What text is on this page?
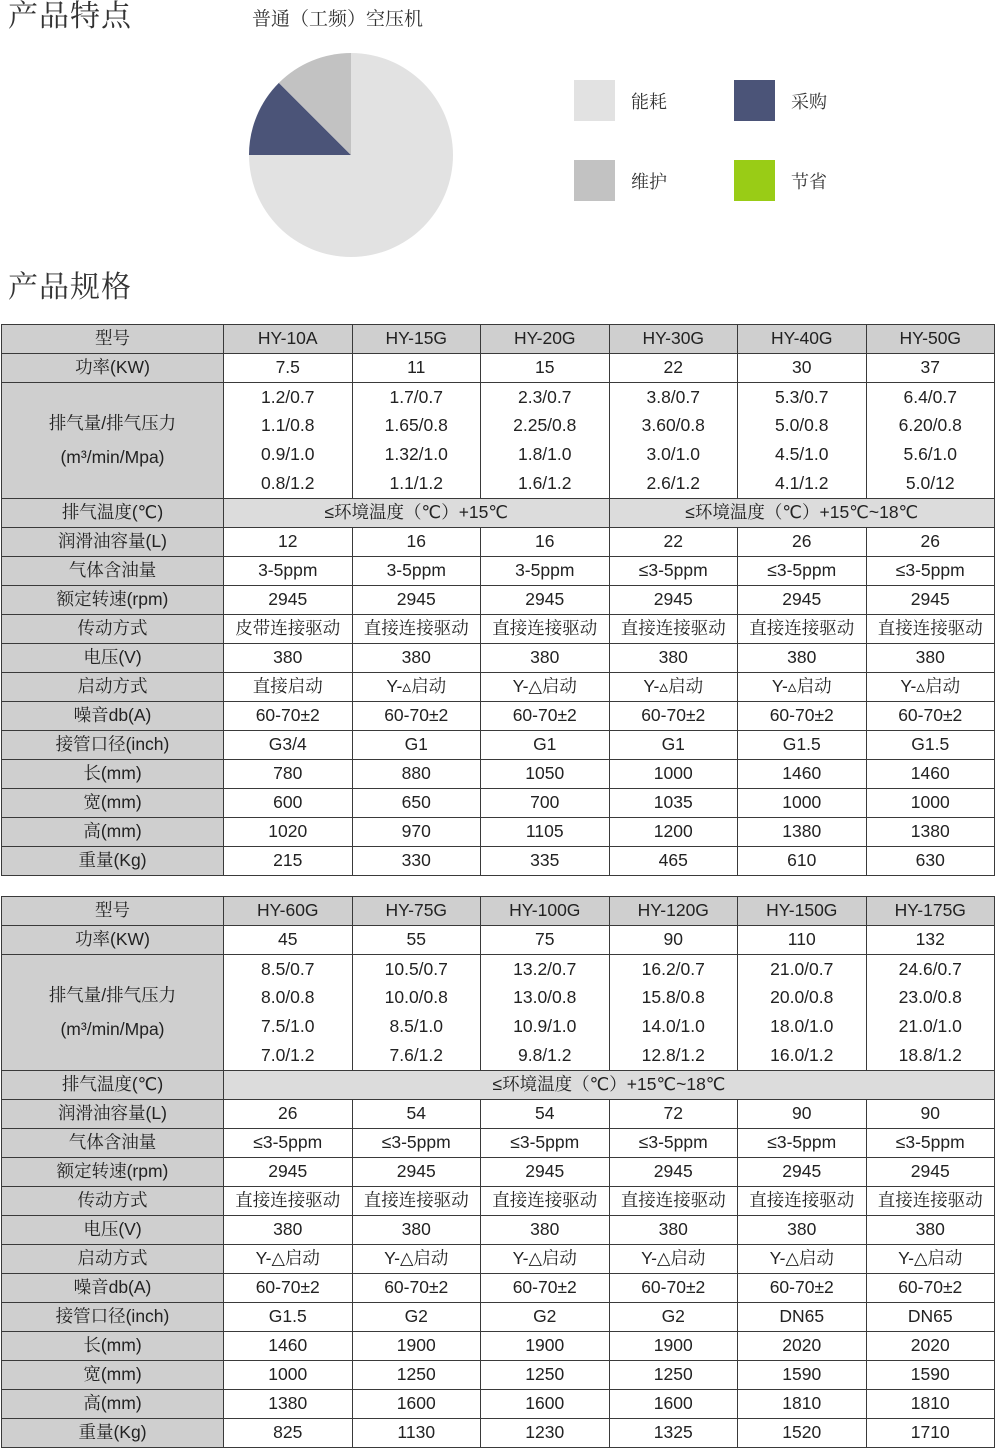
产品特点	普通（工频）空压机
能耗	采购
维护	节省
产品规格
型号	HY-10A	HY-15G	HY-20G	HY-30G	HY-40G	HY-50G
功率(KW)	7.5	11	15	22	30	37

排气量/排气压力
(m³/min/Mpa)	1.2/0.7	1.7/0.7	2.3/0.7	3.8/0.7	5.3/0.7	6.4/0.7
	1.1/0.8	1.65/0.8	2.25/0.8	3.60/0.8	5.0/0.8	6.20/0.8
	0.9/1.0	1.32/1.0	1.8/1.0	3.0/1.0	4.5/1.0	5.6/1.0
	0.8/1.2	1.1/1.2	1.6/1.2	2.6/1.2	4.1/1.2	5.0/12
排气温度(℃)	≤环境温度（℃）+15℃			≤环境温度（℃）+15℃~18℃		
润滑油容量(L)	12	16	16	22	26	26
气体含油量	3-5ppm	3-5ppm	3-5ppm	≤3-5ppm	≤3-5ppm	≤3-5ppm
额定转速(rpm)	2945	2945	2945	2945	2945	2945
传动方式	皮带连接驱动	直接连接驱动	直接连接驱动	直接连接驱动	直接连接驱动	直接连接驱动
电压(V)	380	380	380	380	380	380
启动方式	直接启动	Y-▵启动	Y-△启动	Y-▵启动	Y-▵启动	Y-▵启动
噪音db(A)	60-70±2	60-70±2	60-70±2	60-70±2	60-70±2	60-70±2
接管口径(inch)	G3/4	G1	G1	G1	G1.5	G1.5
长(mm)	780	880	1050	1000	1460	1460
宽(mm)	600	650	700	1035	1000	1000
高(mm)	1020	970	1105	1200	1380	1380
重量(Kg)	215	330	335	465	610	630
型号	HY-60G	HY-75G	HY-100G	HY-120G	HY-150G	HY-175G
功率(KW)	45	55	75	90	110	132

排气量/排气压力
(m³/min/Mpa)	8.5/0.7	10.5/0.7	13.2/0.7	16.2/0.7	21.0/0.7	24.6/0.7
	8.0/0.8	10.0/0.8	13.0/0.8	15.8/0.8	20.0/0.8	23.0/0.8
	7.5/1.0	8.5/1.0	10.9/1.0	14.0/1.0	18.0/1.0	21.0/1.0
	7.0/1.2	7.6/1.2	9.8/1.2	12.8/1.2	16.0/1.2	18.8/1.2
排气温度(℃)	≤环境温度（℃）+15℃~18℃					
润滑油容量(L)	26	54	54	72	90	90
气体含油量	≤3-5ppm	≤3-5ppm	≤3-5ppm	≤3-5ppm	≤3-5ppm	≤3-5ppm
额定转速(rpm)	2945	2945	2945	2945	2945	2945
传动方式	直接连接驱动	直接连接驱动	直接连接驱动	直接连接驱动	直接连接驱动	直接连接驱动
电压(V)	380	380	380	380	380	380
启动方式	Y-△启动	Y-△启动	Y-△启动	Y-△启动	Y-△启动	Y-△启动
噪音db(A)	60-70±2	60-70±2	60-70±2	60-70±2	60-70±2	60-70±2
接管口径(inch)	G1.5	G2	G2	G2	DN65	DN65
长(mm)	1460	1900	1900	1900	2020	2020
宽(mm)	1000	1250	1250	1250	1590	1590
高(mm)	1380	1600	1600	1600	1810	1810
重量(Kg)	825	1130	1230	1325	1520	1710
